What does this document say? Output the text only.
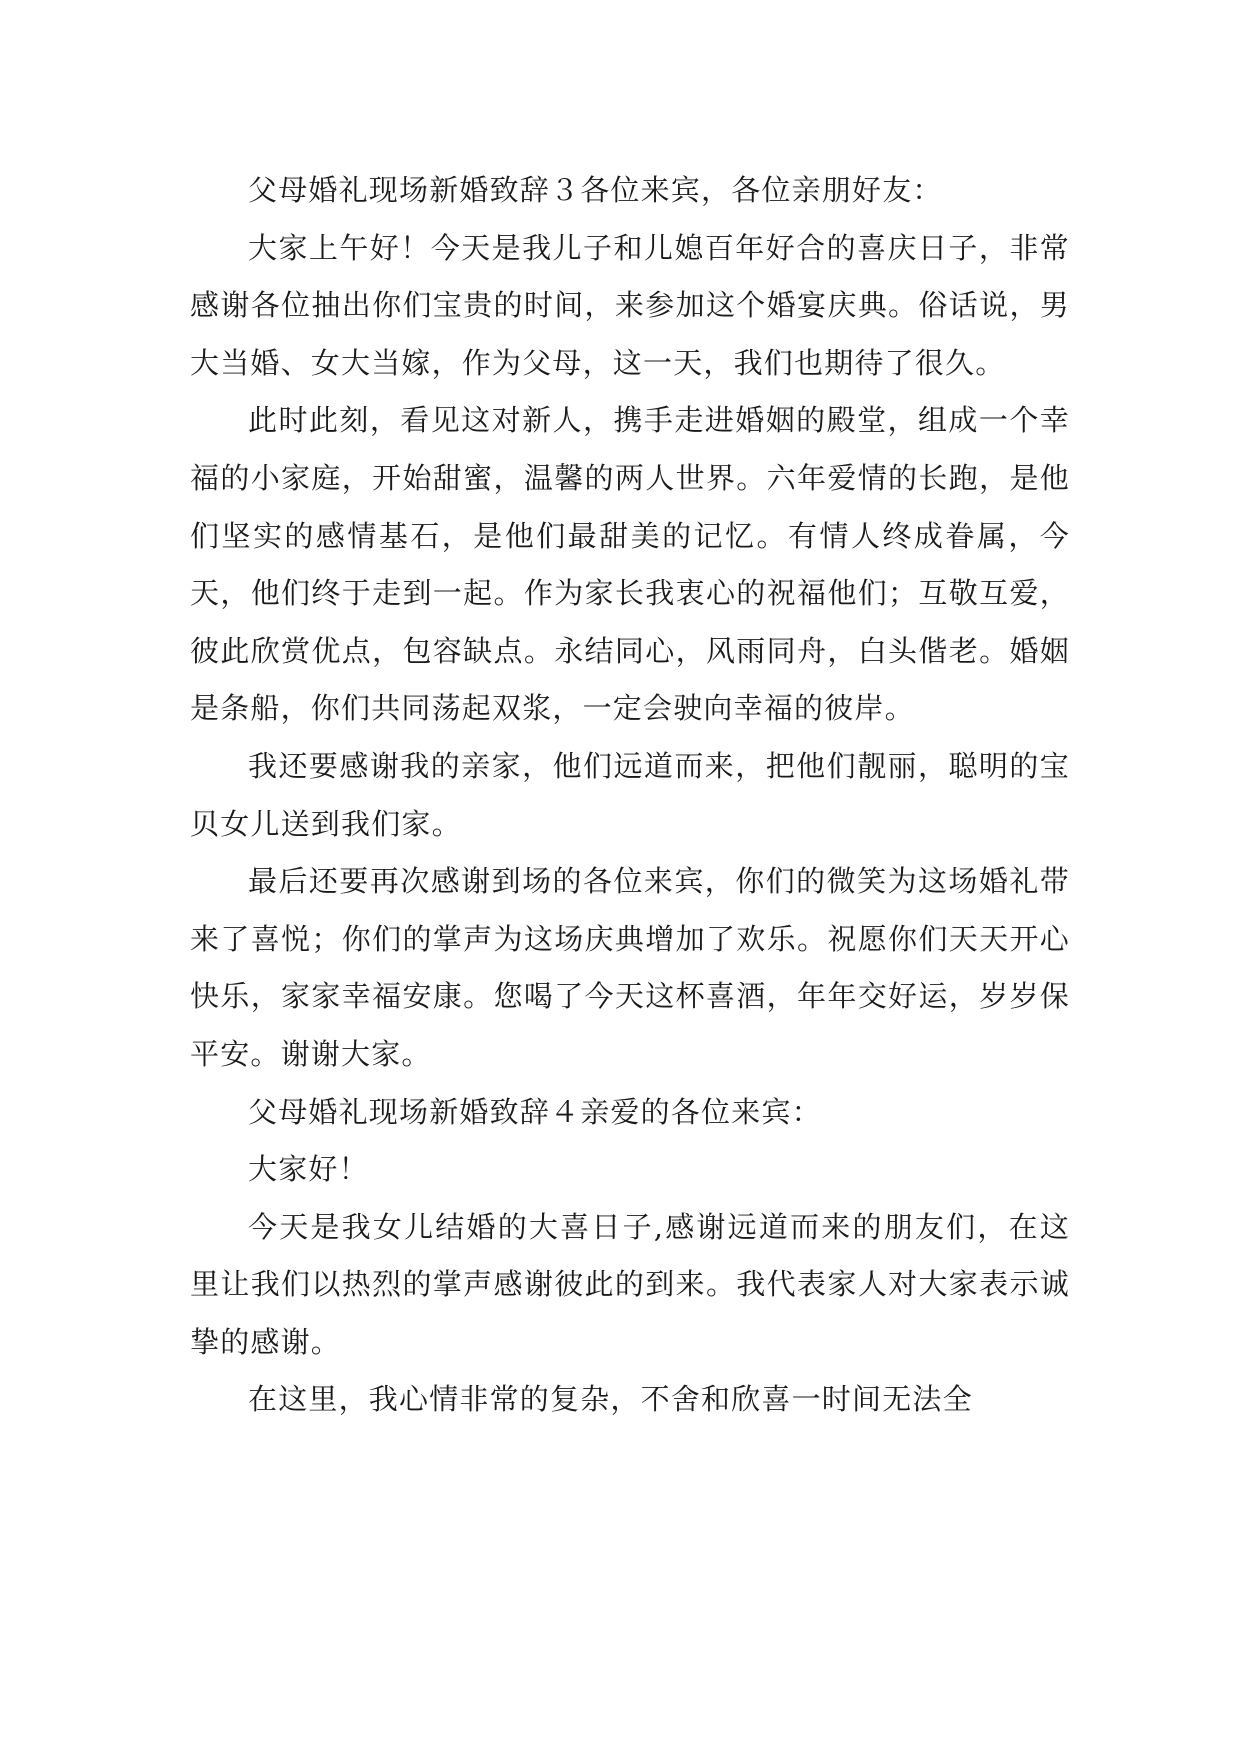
父母婚礼现场新婚致辞３各位来宾，各位亲朋好友：

大家上午好！今天是我儿子和儿媳百年好合的喜庆日子，非常感谢各位抽出你们宝贵的时间，来参加这个婚宴庆典。俗话说，男大当婚、女大当嫁，作为父母，这一天，我们也期待了很久。

此时此刻，看见这对新人，携手走进婚姻的殿堂，组成一个幸福的小家庭，开始甜蜜，温馨的两人世界。六年爱情的长跑，是他们坚实的感情基石，是他们最甜美的记忆。有情人终成眷属，今天，他们终于走到一起。作为家长我衷心的祝福他们；互敬互爱，彼此欣赏优点，包容缺点。永结同心，风雨同舟，白头偕老。婚姻是条船，你们共同荡起双浆，一定会驶向幸福的彼岸。

我还要感谢我的亲家，他们远道而来，把他们靓丽，聪明的宝贝女儿送到我们家。

最后还要再次感谢到场的各位来宾，你们的微笑为这场婚礼带来了喜悦；你们的掌声为这场庆典增加了欢乐。祝愿你们天天开心快乐，家家幸福安康。您喝了今天这杯喜酒，年年交好运，岁岁保平安。谢谢大家。

父母婚礼现场新婚致辞４亲爱的各位来宾：

大家好！

今天是我女儿结婚的大喜日子,感谢远道而来的朋友们，在这里让我们以热烈的掌声感谢彼此的到来。我代表家人对大家表示诚挚的感谢。

在这里，我心情非常的复杂，不舍和欣喜一时间无法全
